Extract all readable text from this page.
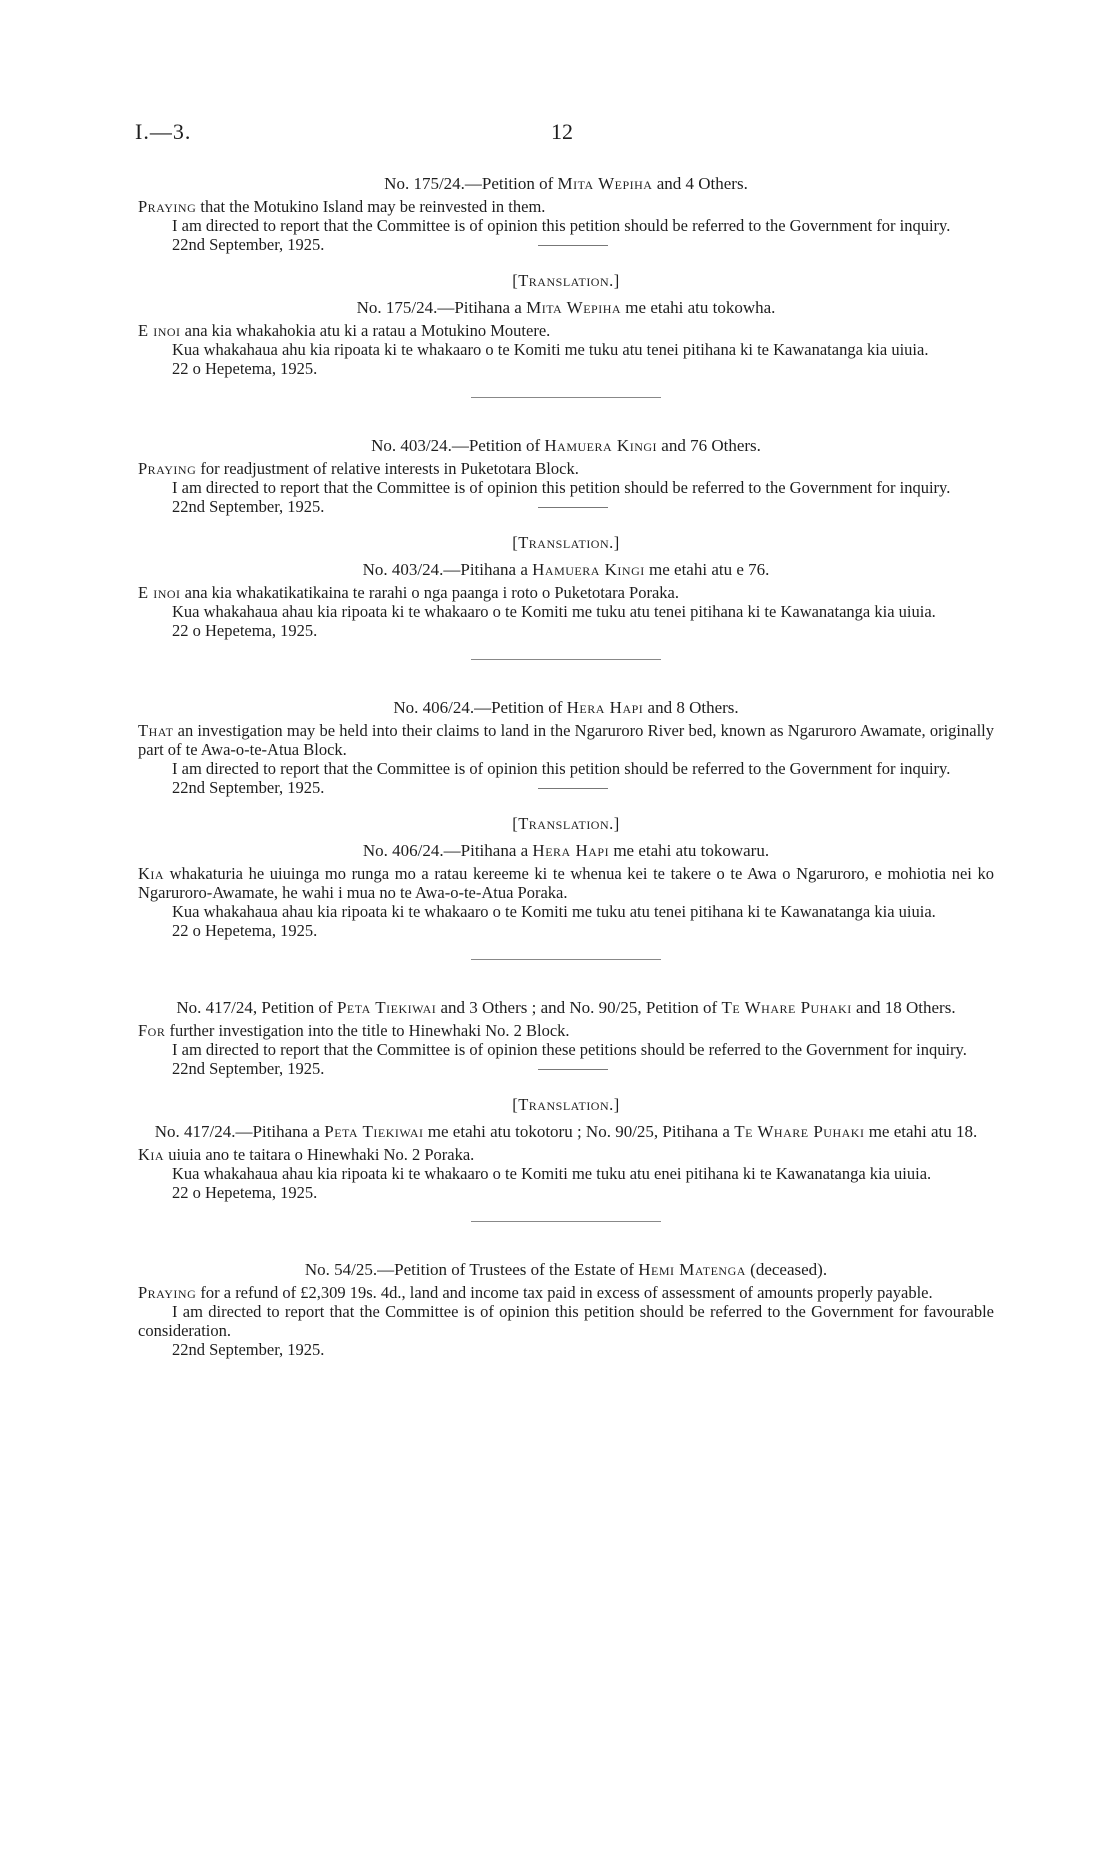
I.—3.	12
No. 175/24.—Petition of Mita Wepiha and 4 Others.

Praying that the Motukino Island may be reinvested in them.

I am directed to report that the Committee is of opinion this petition should be referred to the Government for inquiry.

22nd September, 1925.
[Translation.]
No. 175/24.—Pitihana a Mita Wepiha me etahi atu tokowha.

E inoi ana kia whakahokia atu ki a ratau a Motukino Moutere.

Kua whakahaua ahu kia ripoata ki te whakaaro o te Komiti me tuku atu tenei pitihana ki te Kawanatanga kia uiuia.

22 o Hepetema, 1925.
No. 403/24.—Petition of Hamuera Kingi and 76 Others.

Praying for readjustment of relative interests in Puketotara Block.

I am directed to report that the Committee is of opinion this petition should be referred to the Government for inquiry.

22nd September, 1925.
[Translation.]
No. 403/24.—Pitihana a Hamuera Kingi me etahi atu e 76.

E inoi ana kia whakatikatikaina te rarahi o nga paanga i roto o Puketotara Poraka.

Kua whakahaua ahau kia ripoata ki te whakaaro o te Komiti me tuku atu tenei pitihana ki te Kawanatanga kia uiuia.

22 o Hepetema, 1925.
No. 406/24.—Petition of Hera Hapi and 8 Others.

That an investigation may be held into their claims to land in the Ngaruroro River bed, known as Ngaruroro Awamate, originally part of te Awa-o-te-Atua Block.

I am directed to report that the Committee is of opinion this petition should be referred to the Government for inquiry.

22nd September, 1925.
[Translation.]
No. 406/24.—Pitihana a Hera Hapi me etahi atu tokowaru.

Kia whakaturia he uiuinga mo runga mo a ratau kereeme ki te whenua kei te takere o te Awa o Ngaruroro, e mohiotia nei ko Ngaruroro-Awamate, he wahi i mua no te Awa-o-te-Atua Poraka.

Kua whakahaua ahau kia ripoata ki te whakaaro o te Komiti me tuku atu tenei pitihana ki te Kawanatanga kia uiuia.

22 o Hepetema, 1925.
No. 417/24, Petition of Peta Tiekiwai and 3 Others ; and No. 90/25, Petition of Te Whare Puhaki and 18 Others.

For further investigation into the title to Hinewhaki No. 2 Block.

I am directed to report that the Committee is of opinion these petitions should be referred to the Government for inquiry.

22nd September, 1925.
[Translation.]
No. 417/24.—Pitihana a Peta Tiekiwai me etahi atu tokotoru ; No. 90/25, Pitihana a Te Whare Puhaki me etahi atu 18.

Kia uiuia ano te taitara o Hinewhaki No. 2 Poraka.

Kua whakahaua ahau kia ripoata ki te whakaaro o te Komiti me tuku atu enei pitihana ki te Kawanatanga kia uiuia.

22 o Hepetema, 1925.
No. 54/25.—Petition of Trustees of the Estate of Hemi Matenga (deceased).

Praying for a refund of £2,309 19s. 4d., land and income tax paid in excess of assessment of amounts properly payable.

I am directed to report that the Committee is of opinion this petition should be referred to the Government for favourable consideration.

22nd September, 1925.
